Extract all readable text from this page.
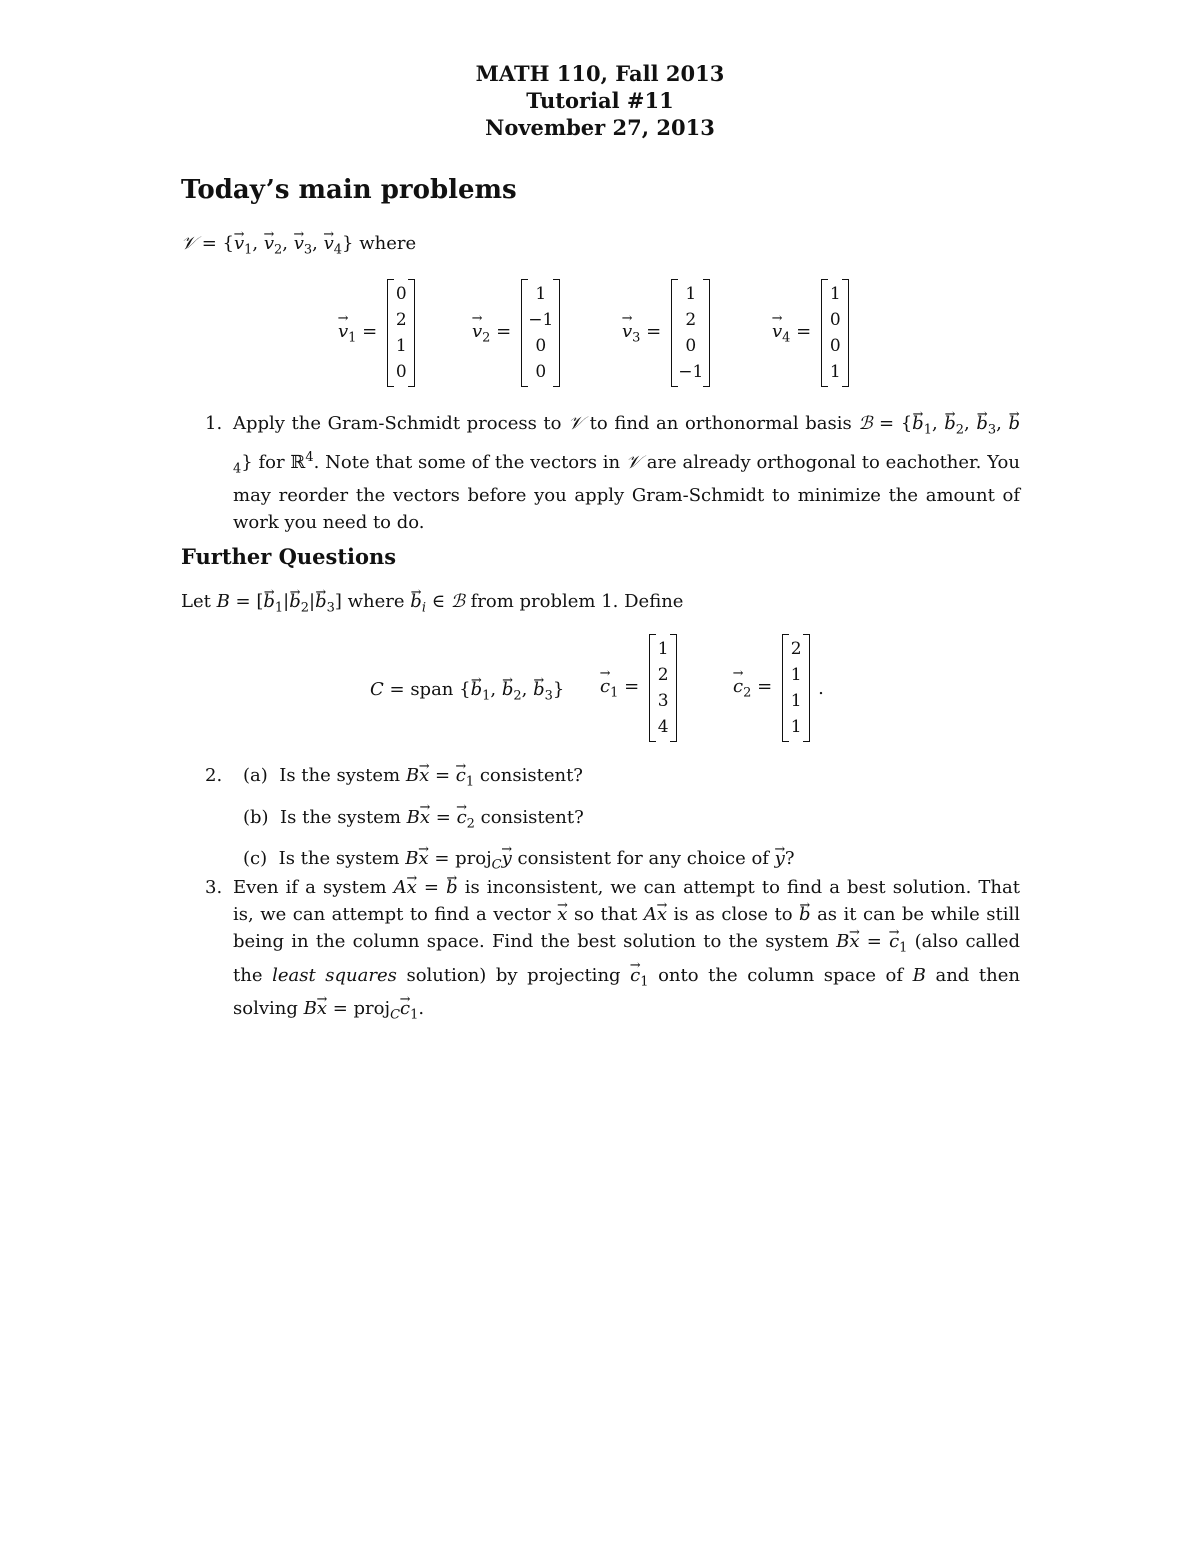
MATH 110, Fall 2013
Tutorial #11
November 27, 2013
Today’s main problems
𝒱 = {→ $v_1$, → $v_2$, → $v_3$, → $v_4$} where
→ $v_1$ =
0
2
1
0
→ $v_2$ =
1
−1
0
0
→ $v_3$ =
1
2
0
−1
→ $v_4$ =
1
0
0
1
1. Apply the Gram-Schmidt process to 𝒱 to find an orthonormal basis ℬ = {→ $b_1$, → $b_2$, → $b_3$, → $b_4$} for ℝ$^4$. Note that some of the vectors in 𝒱 are already orthogonal to eachother. You may reorder the vectors before you apply Gram-Schmidt to minimize the amount of work you need to do.
Further Questions
Let B = [→ $b_1|\to b_2|\to b_3$] where → $b_i$ ∈ ℬ from problem 1. Define
C = span {→ $b_1$, → $b_2$, → $b_3$}
→ $c_1$ =
1
2
3
4
→ $c_2$ =
2
1
1
1
.
2. (a) Is the system B→ x = → $c_1$ consistent?
(b) Is the system B→ x = → $c_2$ consistent?
(c) Is the system B→ x = proj$_C$→ y consistent for any choice of → y?
3. Even if a system A→ x = → b is inconsistent, we can attempt to find a best solution. That is, we can attempt to find a vector → x so that A→ x is as close to → b as it can be while still being in the column space. Find the best solution to the system B→ x = → $c_1$ (also called the least squares solution) by projecting → $c_1$ onto the column space of B and then solving B→ x = proj$_C$→ $c_1$.
